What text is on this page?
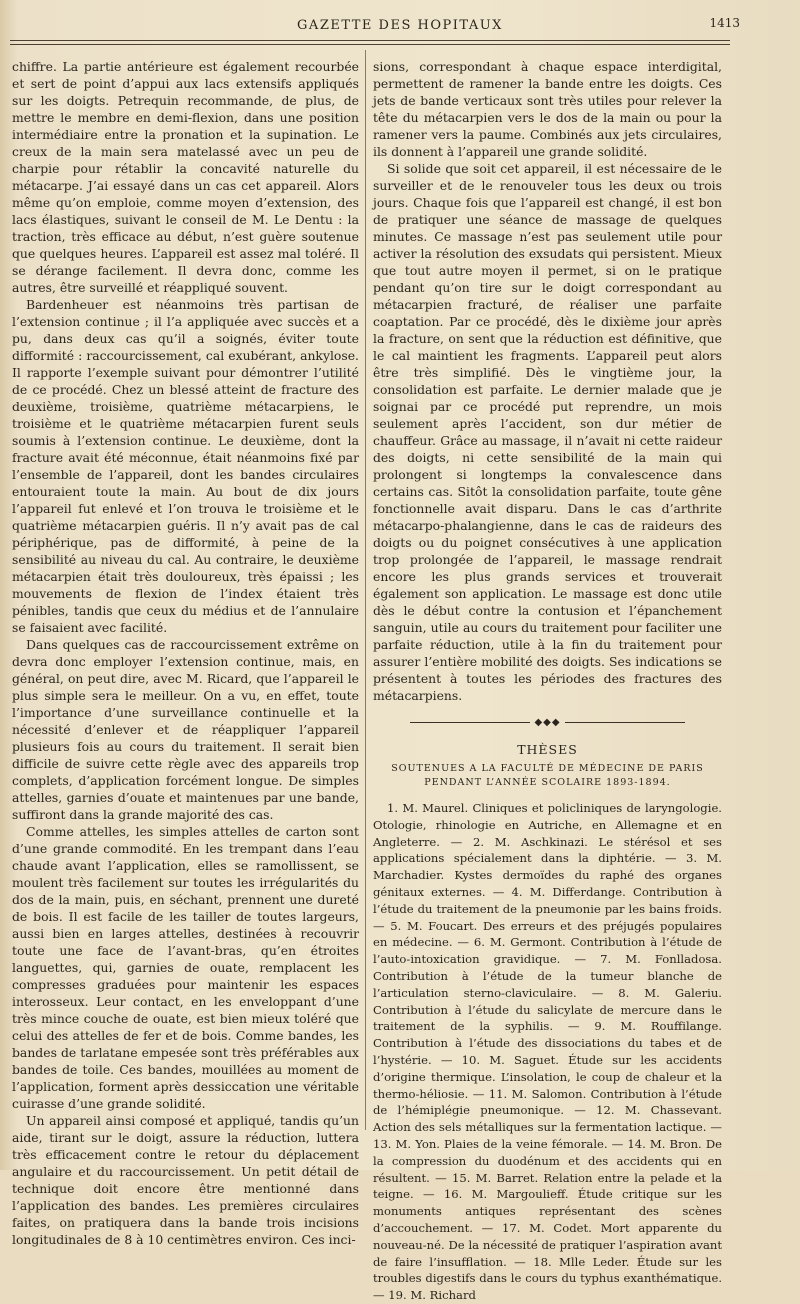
GAZETTE DES HOPITAUX	1413

chiffre. La partie antérieure est également recourbée et sert de point d’appui aux lacs extensifs appliqués sur les doigts. Petrequin recommande, de plus, de mettre le membre en demi-flexion, dans une position intermédiaire entre la pronation et la supination. Le creux de la main sera matelassé avec un peu de charpie pour rétablir la concavité naturelle du métacarpe. J’ai essayé dans un cas cet appareil. Alors même qu’on emploie, comme moyen d’extension, des lacs élastiques, suivant le conseil de M. Le Dentu : la traction, très efficace au début, n’est guère soutenue que quelques heures. L’appareil est assez mal toléré. Il se dérange facilement. Il devra donc, comme les autres, être surveillé et réappliqué souvent.

Bardenheuer est néanmoins très partisan de l’extension continue ; il l’a appliquée avec succès et a pu, dans deux cas qu’il a soignés, éviter toute difformité : raccourcissement, cal exubérant, ankylose. Il rapporte l’exemple suivant pour démontrer l’utilité de ce procédé. Chez un blessé atteint de fracture des deuxième, troisième, quatrième métacarpiens, le troisième et le quatrième métacarpien furent seuls soumis à l’extension continue. Le deuxième, dont la fracture avait été méconnue, était néanmoins fixé par l’ensemble de l’appareil, dont les bandes circulaires entouraient toute la main. Au bout de dix jours l’appareil fut enlevé et l’on trouva le troisième et le quatrième métacarpien guéris. Il n’y avait pas de cal périphérique, pas de difformité, à peine de la sensibilité au niveau du cal. Au contraire, le deuxième métacarpien était très douloureux, très épaissi ; les mouvements de flexion de l’index étaient très pénibles, tandis que ceux du médius et de l’annulaire se faisaient avec facilité.

Dans quelques cas de raccourcissement extrême on devra donc employer l’extension continue, mais, en général, on peut dire, avec M. Ricard, que l’appareil le plus simple sera le meilleur. On a vu, en effet, toute l’importance d’une surveillance continuelle et la nécessité d’enlever et de réappliquer l’appareil plusieurs fois au cours du traitement. Il serait bien difficile de suivre cette règle avec des appareils trop complets, d’application forcément longue. De simples attelles, garnies d’ouate et maintenues par une bande, suffiront dans la grande majorité des cas.

Comme attelles, les simples attelles de carton sont d’une grande commodité. En les trempant dans l’eau chaude avant l’application, elles se ramollissent, se moulent très facilement sur toutes les irrégularités du dos de la main, puis, en séchant, prennent une dureté de bois. Il est facile de les tailler de toutes largeurs, aussi bien en larges attelles, destinées à recouvrir toute une face de l’avant-bras, qu’en étroites languettes, qui, garnies de ouate, remplacent les compresses graduées pour maintenir les espaces interosseux. Leur contact, en les enveloppant d’une très mince couche de ouate, est bien mieux toléré que celui des attelles de fer et de bois. Comme bandes, les bandes de tarlatane empesée sont très préférables aux bandes de toile. Ces bandes, mouillées au moment de l’application, forment après dessiccation une véritable cuirasse d’une grande solidité.

Un appareil ainsi composé et appliqué, tandis qu’un aide, tirant sur le doigt, assure la réduction, luttera très efficacement contre le retour du déplacement angulaire et du raccourcissement. Un petit détail de technique doit encore être mentionné dans l’application des bandes. Les premières circulaires faites, on pratiquera dans la bande trois incisions longitudinales de 8 à 10 centimètres environ. Ces inci-

sions, correspondant à chaque espace interdigital, permettent de ramener la bande entre les doigts. Ces jets de bande verticaux sont très utiles pour relever la tête du métacarpien vers le dos de la main ou pour la ramener vers la paume. Combinés aux jets circulaires, ils donnent à l’appareil une grande solidité.

Si solide que soit cet appareil, il est nécessaire de le surveiller et de le renouveler tous les deux ou trois jours. Chaque fois que l’appareil est changé, il est bon de pratiquer une séance de massage de quelques minutes. Ce massage n’est pas seulement utile pour activer la résolution des exsudats qui persistent. Mieux que tout autre moyen il permet, si on le pratique pendant qu’on tire sur le doigt correspondant au métacarpien fracturé, de réaliser une parfaite coaptation. Par ce procédé, dès le dixième jour après la fracture, on sent que la réduction est définitive, que le cal maintient les fragments. L’appareil peut alors être très simplifié. Dès le vingtième jour, la consolidation est parfaite. Le dernier malade que je soignai par ce procédé put reprendre, un mois seulement après l’accident, son dur métier de chauffeur. Grâce au massage, il n’avait ni cette raideur des doigts, ni cette sensibilité de la main qui prolongent si longtemps la convalescence dans certains cas. Sitôt la consolidation parfaite, toute gêne fonctionnelle avait disparu. Dans le cas d’arthrite métacarpo-phalangienne, dans le cas de raideurs des doigts ou du poignet consécutives à une application trop prolongée de l’appareil, le massage rendrait encore les plus grands services et trouverait également son application. Le massage est donc utile dès le début contre la contusion et l’épanchement sanguin, utile au cours du traitement pour faciliter une parfaite réduction, utile à la fin du traitement pour assurer l’entière mobilité des doigts. Ses indications se présentent à toutes les périodes des fractures des métacarpiens.

◆◆◆
THÈSES
SOUTENUES A LA FACULTÉ DE MÉDECINE DE PARIS
PENDANT L’ANNÉE SCOLAIRE 1893-1894.

1. M. Maurel. Cliniques et policliniques de laryngologie. Otologie, rhinologie en Autriche, en Allemagne et en Angleterre. — 2. M. Aschkinazi. Le stérésol et ses applications spécialement dans la diphtérie. — 3. M. Marchadier. Kystes dermoïdes du raphé des organes génitaux externes. — 4. M. Differdange. Contribution à l’étude du traitement de la pneumonie par les bains froids. — 5. M. Foucart. Des erreurs et des préjugés populaires en médecine. — 6. M. Germont. Contribution à l’étude de l’auto-intoxication gravidique. — 7. M. Fonlladosa. Contribution à l’étude de la tumeur blanche de l’articulation sterno-claviculaire. — 8. M. Galeriu. Contribution à l’étude du salicylate de mercure dans le traitement de la syphilis. — 9. M. Rouffilange. Contribution à l’étude des dissociations du tabes et de l’hystérie. — 10. M. Saguet. Étude sur les accidents d’origine thermique. L’insolation, le coup de chaleur et la thermo-héliosie. — 11. M. Salomon. Contribution à l’étude de l’hémiplégie pneumonique. — 12. M. Chassevant. Action des sels métalliques sur la fermentation lactique. — 13. M. Yon. Plaies de la veine fémorale. — 14. M. Bron. De la compression du duodénum et des accidents qui en résultent. — 15. M. Barret. Relation entre la pelade et la teigne. — 16. M. Margoulieff. Étude critique sur les monuments antiques représentant des scènes d’accouchement. — 17. M. Codet. Mort apparente du nouveau-né. De la nécessité de pratiquer l’aspiration avant de faire l’insufflation. — 18. Mlle Leder. Étude sur les troubles digestifs dans le cours du typhus exanthématique. — 19. M. Richard
